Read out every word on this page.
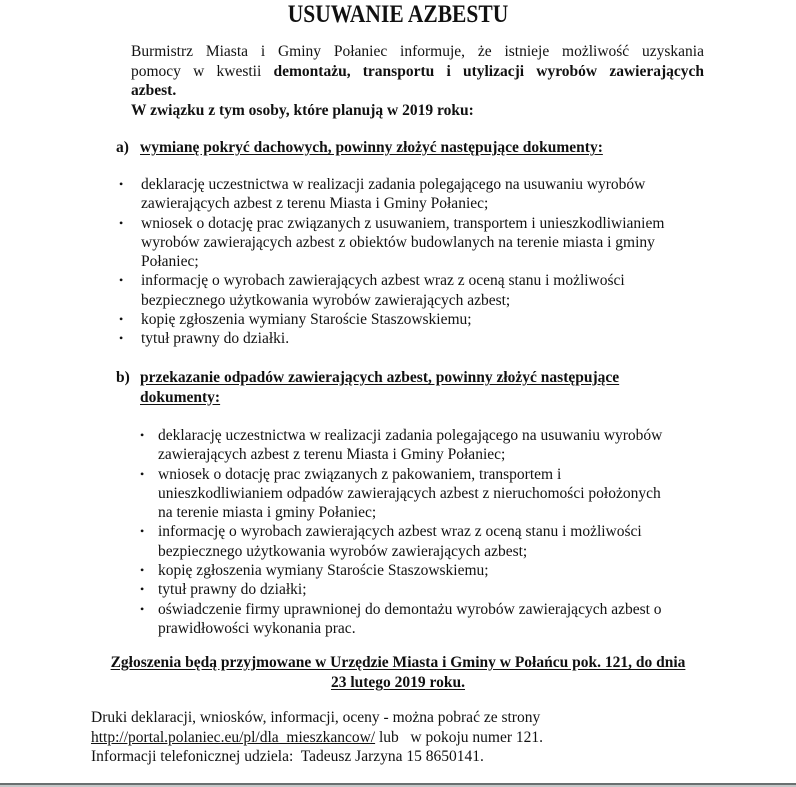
USUWANIE AZBESTU
Burmistrz Miasta i Gminy Połaniec informuje, że istnieje możliwość uzyskania
pomocy w kwestii demontażu, transportu i utylizacji wyrobów zawierających
azbest.
W związku z tym osoby, które planują w 2019 roku:
a) wymianę pokryć dachowych, powinny złożyć następujące dokumenty:
• deklarację uczestnictwa w realizacji zadania polegającego na usuwaniu wyrobów
zawierających azbest z terenu Miasta i Gminy Połaniec;
• wniosek o dotację prac związanych z usuwaniem, transportem i unieszkodliwianiem
wyrobów zawierających azbest z obiektów budowlanych na terenie miasta i gminy
Połaniec;
• informację o wyrobach zawierających azbest wraz z oceną stanu i możliwości
bezpiecznego użytkowania wyrobów zawierających azbest;
• kopię zgłoszenia wymiany Staroście Staszowskiemu;
• tytuł prawny do działki.
b) przekazanie odpadów zawierających azbest, powinny złożyć następujące
dokumenty:
• deklarację uczestnictwa w realizacji zadania polegającego na usuwaniu wyrobów
zawierających azbest z terenu Miasta i Gminy Połaniec;
• wniosek o dotację prac związanych z pakowaniem, transportem i
unieszkodliwianiem odpadów zawierających azbest z nieruchomości położonych
na terenie miasta i gminy Połaniec;
• informację o wyrobach zawierających azbest wraz z oceną stanu i możliwości
bezpiecznego użytkowania wyrobów zawierających azbest;
• kopię zgłoszenia wymiany Staroście Staszowskiemu;
• tytuł prawny do działki;
• oświadczenie firmy uprawnionej do demontażu wyrobów zawierających azbest o
prawidłowości wykonania prac.
Zgłoszenia będą przyjmowane w Urzędzie Miasta i Gminy w Połańcu pok. 121, do dnia
23 lutego 2019 roku.
Druki deklaracji, wniosków, informacji, oceny - można pobrać ze strony
http://portal.polaniec.eu/pl/dla_mieszkancow/ lub   w pokoju numer 121.
Informacji telefonicznej udziela:  Tadeusz Jarzyna 15 8650141.
